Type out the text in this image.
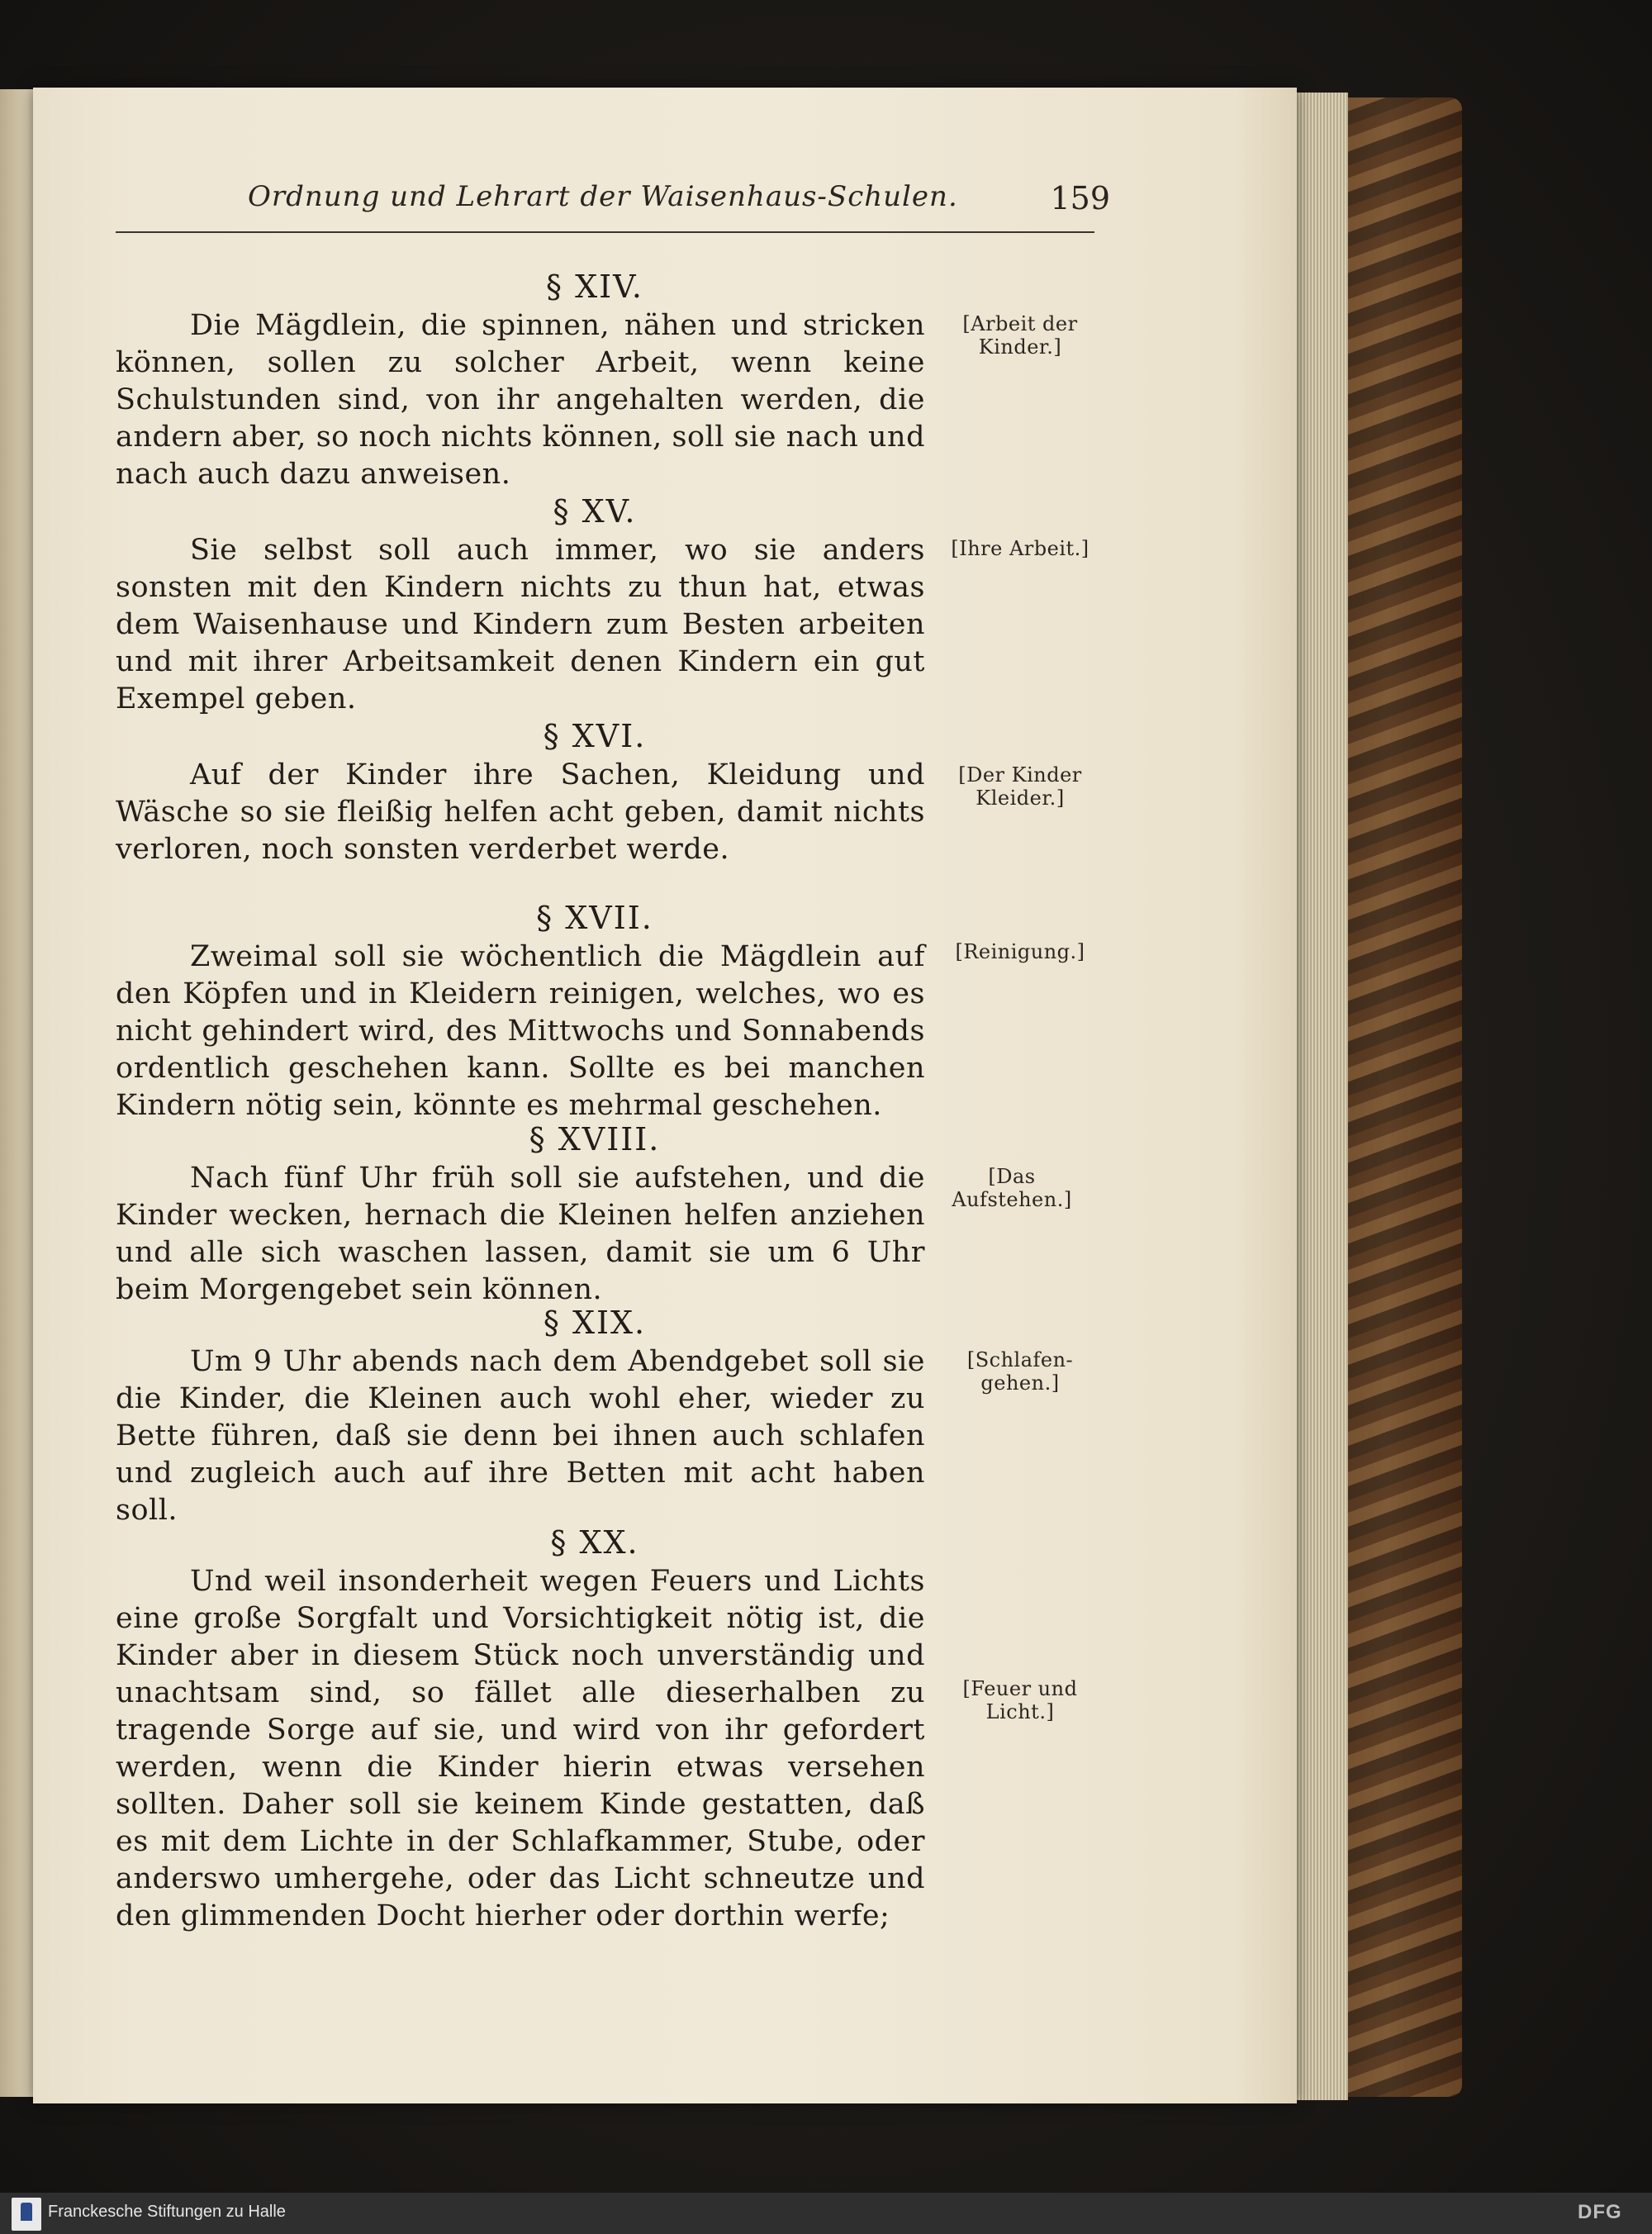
Ordnung und Lehrart der Waisenhaus-Schulen.	159
§ XIV.
Die Mägdlein, die spinnen, nähen und stricken können, sollen zu solcher Arbeit, wenn keine Schulstunden sind, von ihr angehalten werden, die andern aber, so noch nichts können, soll sie nach und nach auch dazu anweisen.
[Arbeit der Kinder.]
§ XV.
Sie selbst soll auch immer, wo sie anders sonsten mit den Kindern nichts zu thun hat, etwas dem Waisenhause und Kindern zum Besten arbeiten und mit ihrer Arbeitsamkeit denen Kindern ein gut Exempel geben.
[Ihre Arbeit.]
§ XVI.
Auf der Kinder ihre Sachen, Kleidung und Wäsche so sie fleißig helfen acht geben, damit nichts verloren, noch sonsten verderbet werde.
[Der Kinder Kleider.]
§ XVII.
Zweimal soll sie wöchentlich die Mägdlein auf den Köpfen und in Kleidern reinigen, welches, wo es nicht gehindert wird, des Mittwochs und Sonnabends ordentlich geschehen kann. Sollte es bei manchen Kindern nötig sein, könnte es mehrmal geschehen.
[Reinigung.]
§ XVIII.
Nach fünf Uhr früh soll sie aufstehen, und die Kinder wecken, hernach die Kleinen helfen anziehen und alle sich waschen lassen, damit sie um 6 Uhr beim Morgengebet sein können.
[Das Aufstehen.]
§ XIX.
Um 9 Uhr abends nach dem Abendgebet soll sie die Kinder, die Kleinen auch wohl eher, wieder zu Bette führen, daß sie denn bei ihnen auch schlafen und zugleich auch auf ihre Betten mit acht haben soll.
[Schlafen-gehen.]
§ XX.
Und weil insonderheit wegen Feuers und Lichts eine große Sorgfalt und Vorsichtigkeit nötig ist, die Kinder aber in diesem Stück noch unverständig und unachtsam sind, so fället alle dieserhalben zu tragende Sorge auf sie, und wird von ihr gefordert werden, wenn die Kinder hierin etwas versehen sollten. Daher soll sie keinem Kinde gestatten, daß es mit dem Lichte in der Schlafkammer, Stube, oder anderswo umhergehe, oder das Licht schneutze und den glimmenden Docht hierher oder dorthin werfe;
[Feuer und Licht.]
Franckesche Stiftungen zu Halle	DFG
